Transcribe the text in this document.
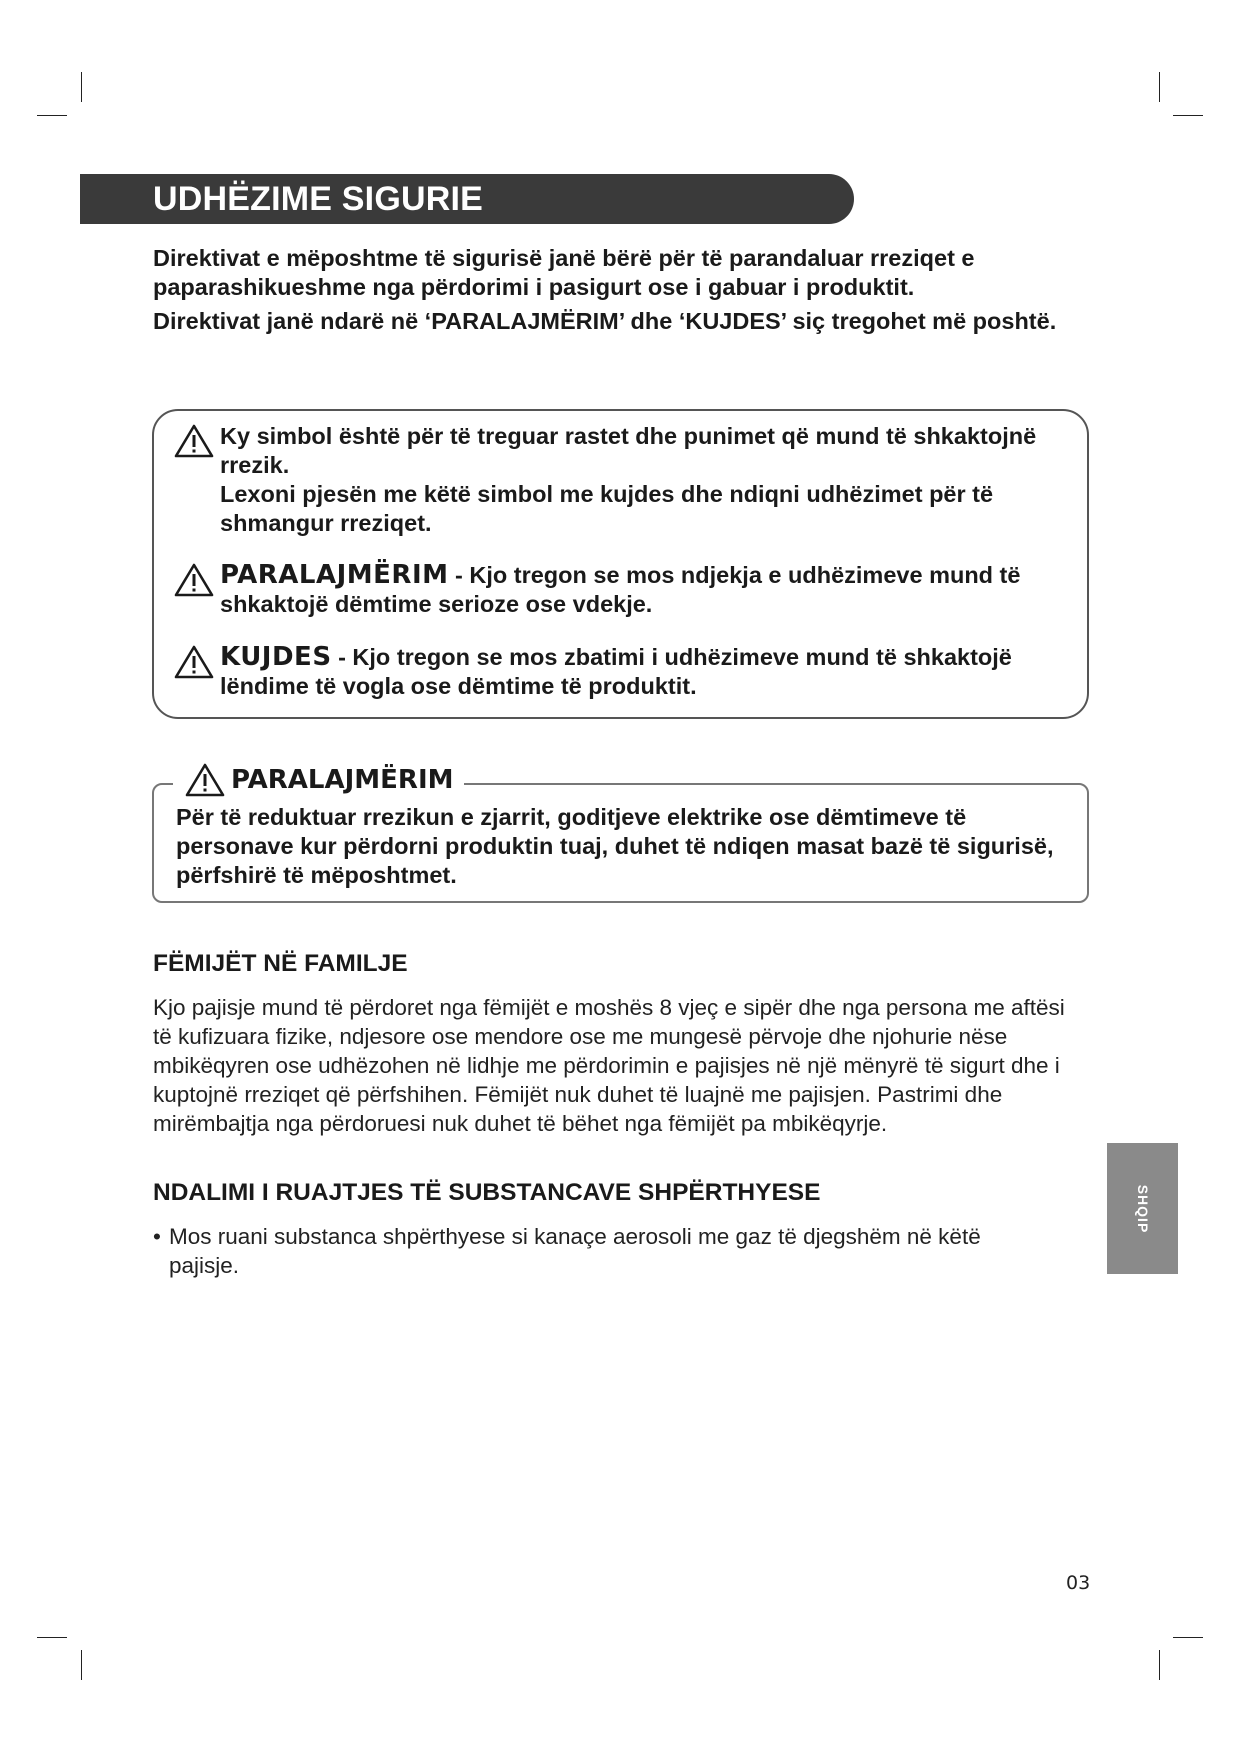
UDHËZIME SIGURIE

Direktivat e mëposhtme të sigurisë janë bërë për të parandaluar rreziqet e paparashikueshme nga përdorimi i pasigurt ose i gabuar i produktit.

Direktivat janë ndarë në ‘PARALAJMËRIM’ dhe ‘KUJDES’ siç tregohet më poshtë.

Ky simbol është për të treguar rastet dhe punimet që mund të shkaktojnë rrezik.
Lexoni pjesën me këtë simbol me kujdes dhe ndiqni udhëzimet për të shmangur rreziqet.
PARALAJMËRIM - Kjo tregon se mos ndjekja e udhëzimeve mund të shkaktojë dëmtime serioze ose vdekje.
KUJDES - Kjo tregon se mos zbatimi i udhëzimeve mund të shkaktojë lëndime të vogla ose dëmtime të produktit.
PARALAJMËRIM
Për të reduktuar rrezikun e zjarrit, goditjeve elektrike ose dëmtimeve të personave kur përdorni produktin tuaj, duhet të ndiqen masat bazë të sigurisë, përfshirë të mëposhtmet.
FËMIJËT NË FAMILJE
Kjo pajisje mund të përdoret nga fëmijët e moshës 8 vjeç e sipër dhe nga persona me aftësi të kufizuara fizike, ndjesore ose mendore ose me mungesë përvoje dhe njohurie nëse mbikëqyren ose udhëzohen në lidhje me përdorimin e pajisjes në një mënyrë të sigurt dhe i kuptojnë rreziqet që përfshihen. Fëmijët nuk duhet të luajnë me pajisjen. Pastrimi dhe mirëmbajtja nga përdoruesi nuk duhet të bëhet nga fëmijët pa mbikëqyrje.
NDALIMI I RUAJTJES TË SUBSTANCAVE SHPËRTHYESE
• Mos ruani substanca shpërthyese si kanaçe aerosoli me gaz të djegshëm në këtë pajisje.
SHQIP
03
